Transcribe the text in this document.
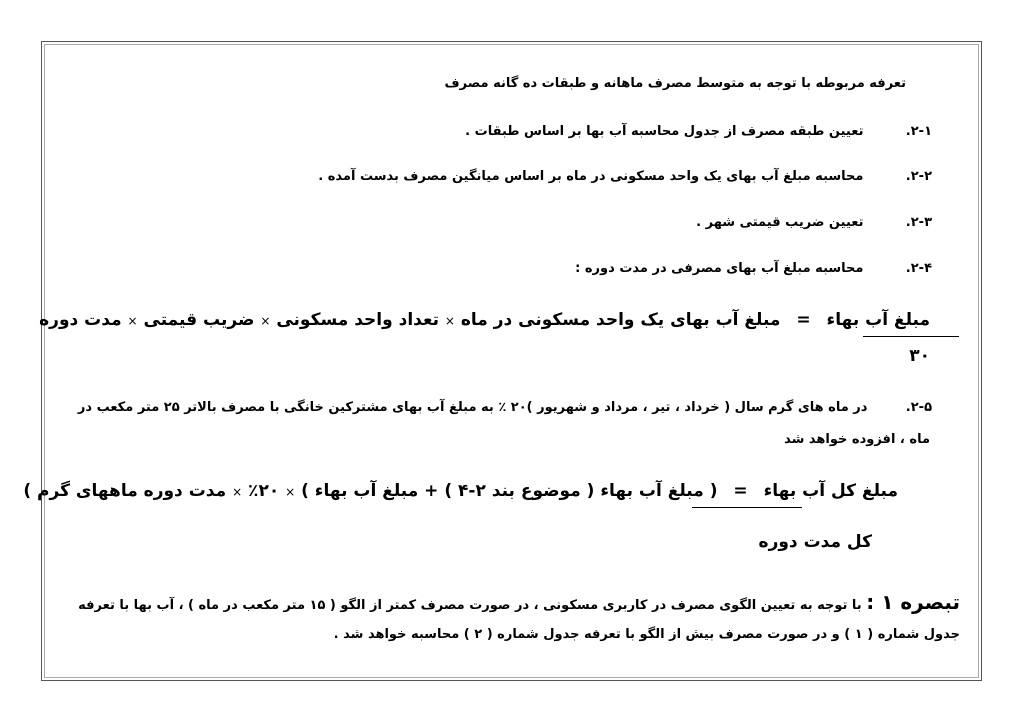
تعرفه مربوطه با توجه به متوسط مصرف ماهانه و طبقات ده گانه مصرف
۲-۱. تعیین طبقه مصرف از جدول محاسبه آب بها بر اساس طبقات .
۲-۲. محاسبه مبلغ آب بهای یک واحد مسکونی در ماه بر اساس میانگین مصرف بدست آمده .
۲-۳. تعیین ضریب قیمتی شهر .
۲-۴. محاسبه مبلغ آب بهای مصرفی در مدت دوره :
مبلغ آب بهاء = مبلغ آب بهای یک واحد مسکونی در ماه × تعداد واحد مسکونی × ضریب قیمتی × مدت دوره
۳۰
۲-۵. در ماه های گرم سال ( خرداد ، تیر ، مرداد و شهریور )۲۰ ٪ به مبلغ آب بهای مشترکین خانگی با مصرف بالاتر ۲۵ متر مکعب در
ماه ، افزوده خواهد شد
مبلغ کل آب بهاء = ( مبلغ آب بهاء ( موضوع بند ۲-۴ ) + مبلغ آب بهاء ) × ۲۰٪ × مدت دوره ماههای گرم )
کل مدت دوره
تبصره ۱ : با توجه به تعیین الگوی مصرف در کاربری مسکونی ، در صورت مصرف کمتر از الگو ( ۱۵ متر مکعب در ماه ) ، آب بها با تعرفه
جدول شماره ( ۱ ) و در صورت مصرف بیش از الگو با تعرفه جدول شماره ( ۲ ) محاسبه خواهد شد .
